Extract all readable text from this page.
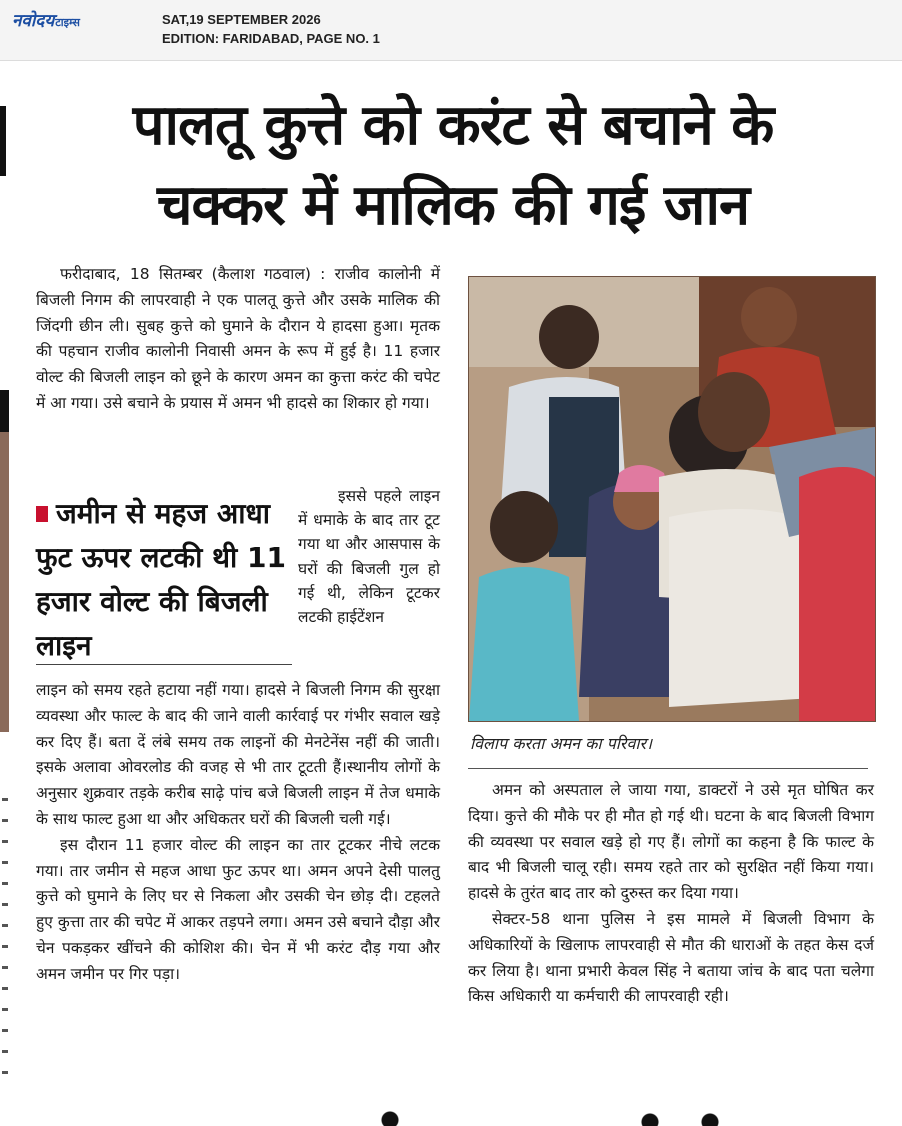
नवोदयटाइम्स	SAT,19 SEPTEMBER 2026
EDITION: FARIDABAD, PAGE NO. 1
पालतू कुत्ते को करंट से बचाने के
चक्कर में मालिक की गई जान

फरीदाबाद, 18 सितम्बर (कैलाश गठवाल) : राजीव कालोनी में बिजली निगम की लापरवाही ने एक पालतू कुत्ते और उसके मालिक की जिंदगी छीन ली। सुबह कुत्ते को घुमाने के दौरान ये हादसा हुआ। मृतक की पहचान राजीव कालोनी निवासी अमन के रूप में हुई है। 11 हजार वोल्ट की बिजली लाइन को छूने के कारण अमन का कुत्ता करंट की चपेट में आ गया। उसे बचाने के प्रयास में अमन भी हादसे का शिकार हो गया।

जमीन से महज आधा फुट ऊपर लटकी थी 11 हजार वोल्ट की बिजली लाइन

इससे पहले लाइन में धमाके के बाद तार टूट गया था और आसपास के घरों की बिजली गुल हो गई थी, लेकिन टूटकर लटकी हाईटेंशन

लाइन को समय रहते हटाया नहीं गया। हादसे ने बिजली निगम की सुरक्षा व्यवस्था और फाल्ट के बाद की जाने वाली कार्रवाई पर गंभीर सवाल खड़े कर दिए हैं। बता दें लंबे समय तक लाइनों की मेनटेनेंस नहीं की जाती। इसके अलावा ओवरलोड की वजह से भी तार टूटती हैं।स्थानीय लोगों के अनुसार शुक्रवार तड़के करीब साढ़े पांच बजे बिजली लाइन में तेज धमाके के साथ फाल्ट हुआ था और अधिकतर घरों की बिजली चली गई।

इस दौरान 11 हजार वोल्ट की लाइन का तार टूटकर नीचे लटक गया। तार जमीन से महज आधा फुट ऊपर था। अमन अपने देसी पालतु कुत्ते को घुमाने के लिए घर से निकला और उसकी चेन छोड़ दी। टहलते हुए कुत्ता तार की चपेट में आकर तड़पने लगा। अमन उसे बचाने दौड़ा और चेन पकड़कर खींचने की कोशिश की। चेन में भी करंट दौड़ गया और अमन जमीन पर गिर पड़ा।

विलाप करता अमन का परिवार।

अमन को अस्पताल ले जाया गया, डाक्टरों ने उसे मृत घोषित कर दिया। कुत्ते की मौके पर ही मौत हो गई थी। घटना के बाद बिजली विभाग की व्यवस्था पर सवाल खड़े हो गए हैं। लोगों का कहना है कि फाल्ट के बाद भी बिजली चालू रही। समय रहते तार को सुरक्षित नहीं किया गया। हादसे के तुरंत बाद तार को दुरुस्त कर दिया गया।

सेक्टर-58 थाना पुलिस ने इस मामले में बिजली विभाग के अधिकारियों के खिलाफ लापरवाही से मौत की धाराओं के तहत केस दर्ज कर लिया है। थाना प्रभारी केवल सिंह ने बताया जांच के बाद पता चलेगा किस अधिकारी या कर्मचारी की लापरवाही रही।
